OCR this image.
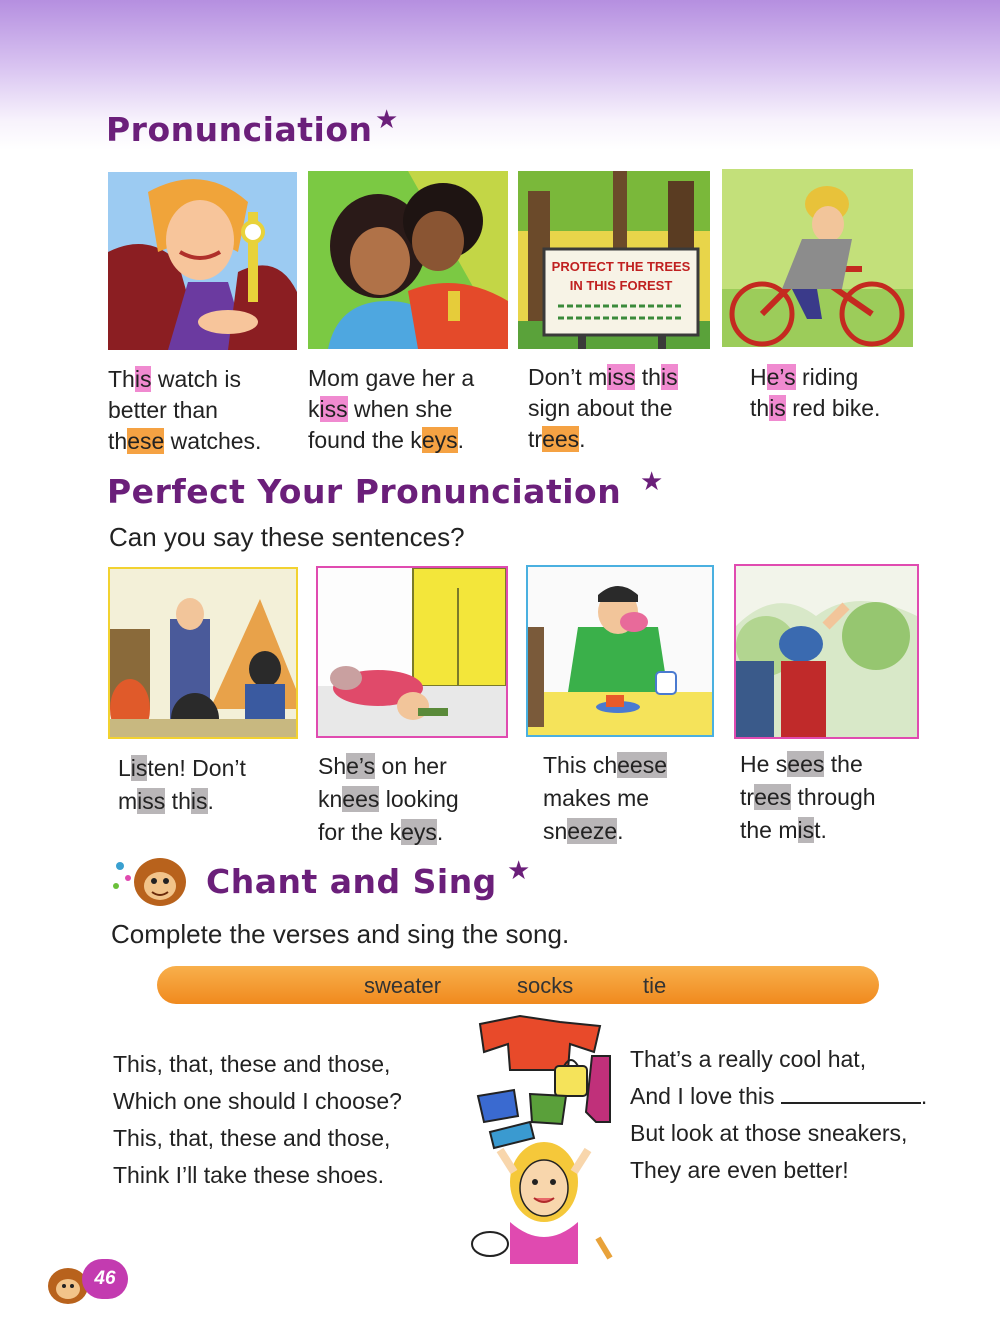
Pronunciation ★
PROTECT THE TREES
IN THIS FOREST
This watch is
better than
these watches.
Mom gave her a
kiss when she
found the keys.
Don’t miss this
sign about the
trees.
He’s riding
this red bike.
Perfect Your Pronunciation ★
Can you say these sentences?
Listen! Don’t
miss this.
She’s on her
knees looking
for the keys.
This cheese
makes me
sneeze.
He sees the
trees through
the mist.
Chant and Sing ★
Complete the verses and sing the song.
sweater	socks	tie
This, that, these and those,
Which one should I choose?
This, that, these and those,
Think I’ll take these shoes.
That’s a really cool hat,
And I love this	.
But look at those sneakers,
They are even better!
46
